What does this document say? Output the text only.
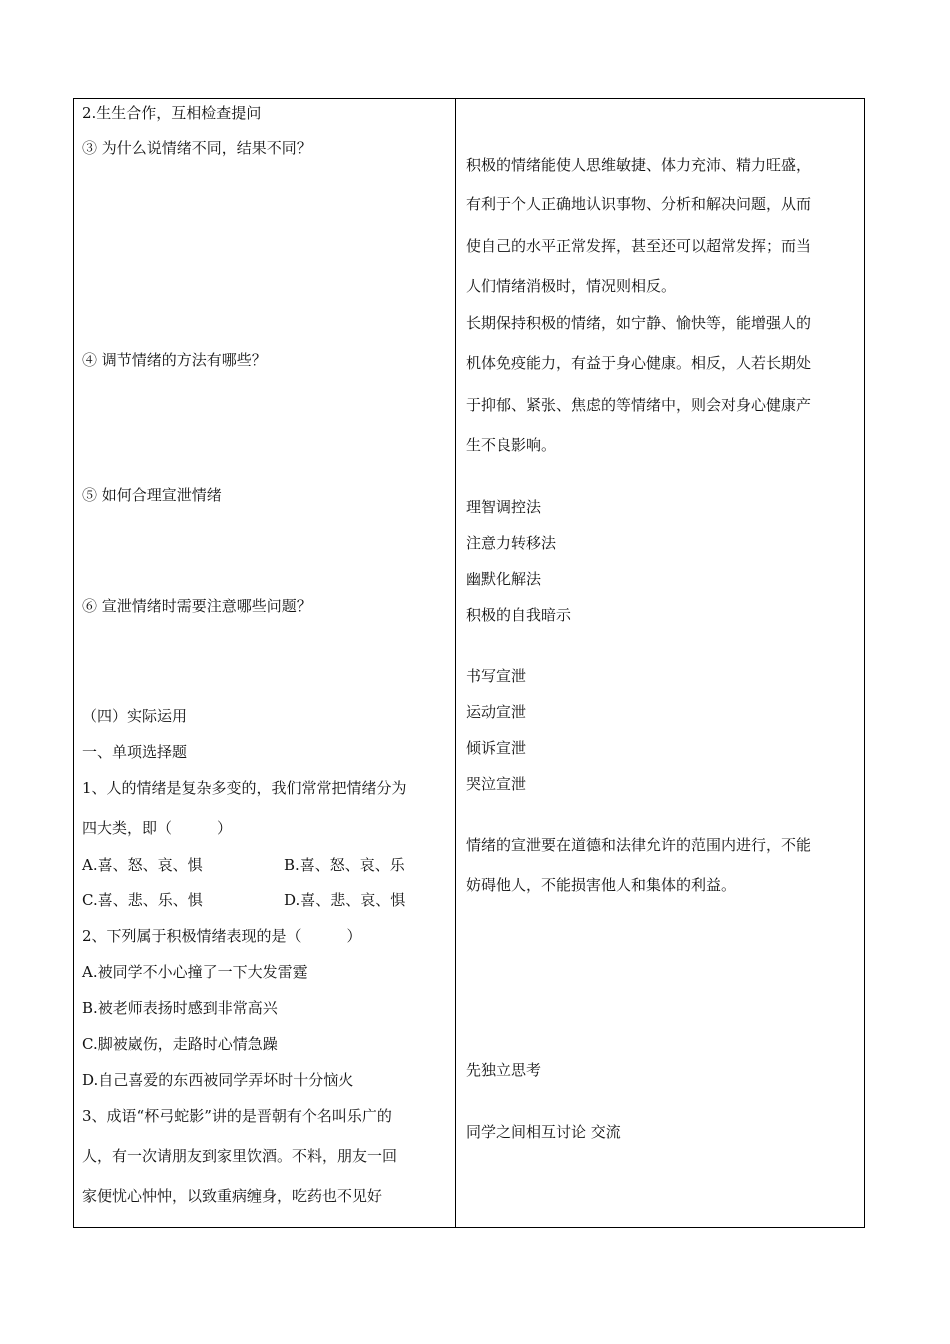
2.生生合作，互相检查提问
③ 为什么说情绪不同，结果不同？
④ 调节情绪的方法有哪些？
⑤ 如何合理宣泄情绪
⑥ 宣泄情绪时需要注意哪些问题？
（四）实际运用
一、单项选择题
1、人的情绪是复杂多变的，我们常常把情绪分为
四大类，即（　　　）
A.喜、怒、哀、惧	B.喜、怒、哀、乐
C.喜、悲、乐、惧	D.喜、悲、哀、惧
2、下列属于积极情绪表现的是（　　　）
A.被同学不小心撞了一下大发雷霆
B.被老师表扬时感到非常高兴
C.脚被崴伤，走路时心情急躁
D.自己喜爱的东西被同学弄坏时十分恼火
3、成语“杯弓蛇影”讲的是晋朝有个名叫乐广的
人，有一次请朋友到家里饮酒。不料，朋友一回
家便忧心忡忡，以致重病缠身，吃药也不见好
积极的情绪能使人思维敏捷、体力充沛、精力旺盛，
有利于个人正确地认识事物、分析和解决问题，从而
使自己的水平正常发挥，甚至还可以超常发挥；而当
人们情绪消极时，情况则相反。
长期保持积极的情绪，如宁静、愉快等，能增强人的
机体免疫能力，有益于身心健康。相反，人若长期处
于抑郁、紧张、焦虑的等情绪中，则会对身心健康产
生不良影响。
理智调控法
注意力转移法
幽默化解法
积极的自我暗示
书写宣泄
运动宣泄
倾诉宣泄
哭泣宣泄
情绪的宣泄要在道德和法律允许的范围内进行，不能
妨碍他人，不能损害他人和集体的利益。
先独立思考
同学之间相互讨论 交流
